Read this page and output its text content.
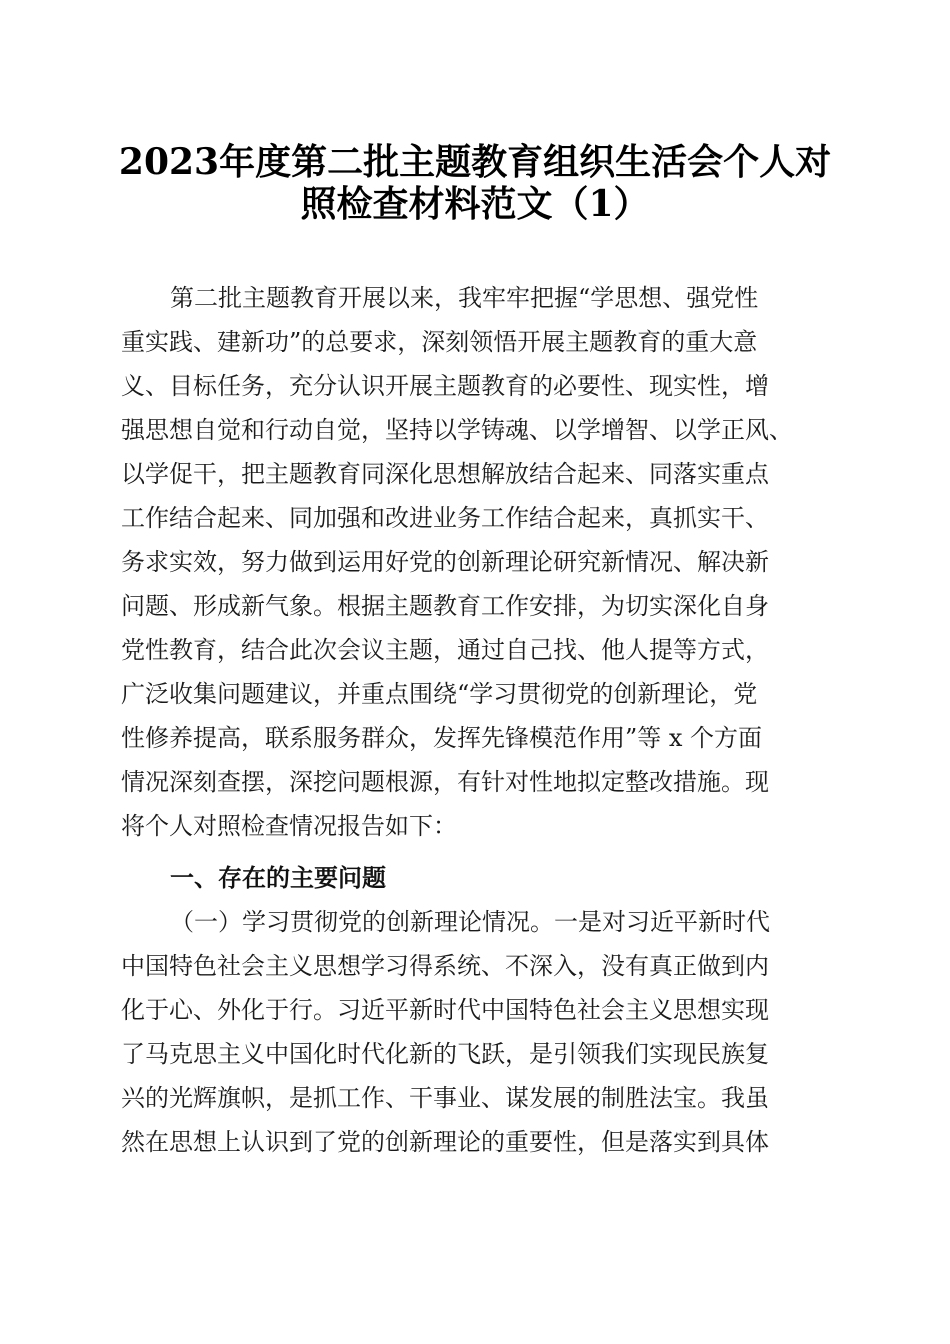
2023年度第二批主题教育组织生活会个人对
照检查材料范文（1）
第二批主题教育开展以来，我牢牢把握“学思想、强党性
重实践、建新功”的总要求，深刻领悟开展主题教育的重大意
义、目标任务，充分认识开展主题教育的必要性、现实性，增
强思想自觉和行动自觉，坚持以学铸魂、以学增智、以学正风、
以学促干，把主题教育同深化思想解放结合起来、同落实重点
工作结合起来、同加强和改进业务工作结合起来，真抓实干、
务求实效，努力做到运用好党的创新理论研究新情况、解决新
问题、形成新气象。根据主题教育工作安排，为切实深化自身
党性教育，结合此次会议主题，通过自己找、他人提等方式，
广泛收集问题建议，并重点围绕“学习贯彻党的创新理论，党
性修养提高，联系服务群众，发挥先锋模范作用”等 x 个方面
情况深刻查摆，深挖问题根源，有针对性地拟定整改措施。现
将个人对照检查情况报告如下：
一、存在的主要问题
（一）学习贯彻党的创新理论情况。一是对习近平新时代
中国特色社会主义思想学习得系统、不深入，没有真正做到内
化于心、外化于行。习近平新时代中国特色社会主义思想实现
了马克思主义中国化时代化新的飞跃，是引领我们实现民族复
兴的光辉旗帜，是抓工作、干事业、谋发展的制胜法宝。我虽
然在思想上认识到了党的创新理论的重要性，但是落实到具体
